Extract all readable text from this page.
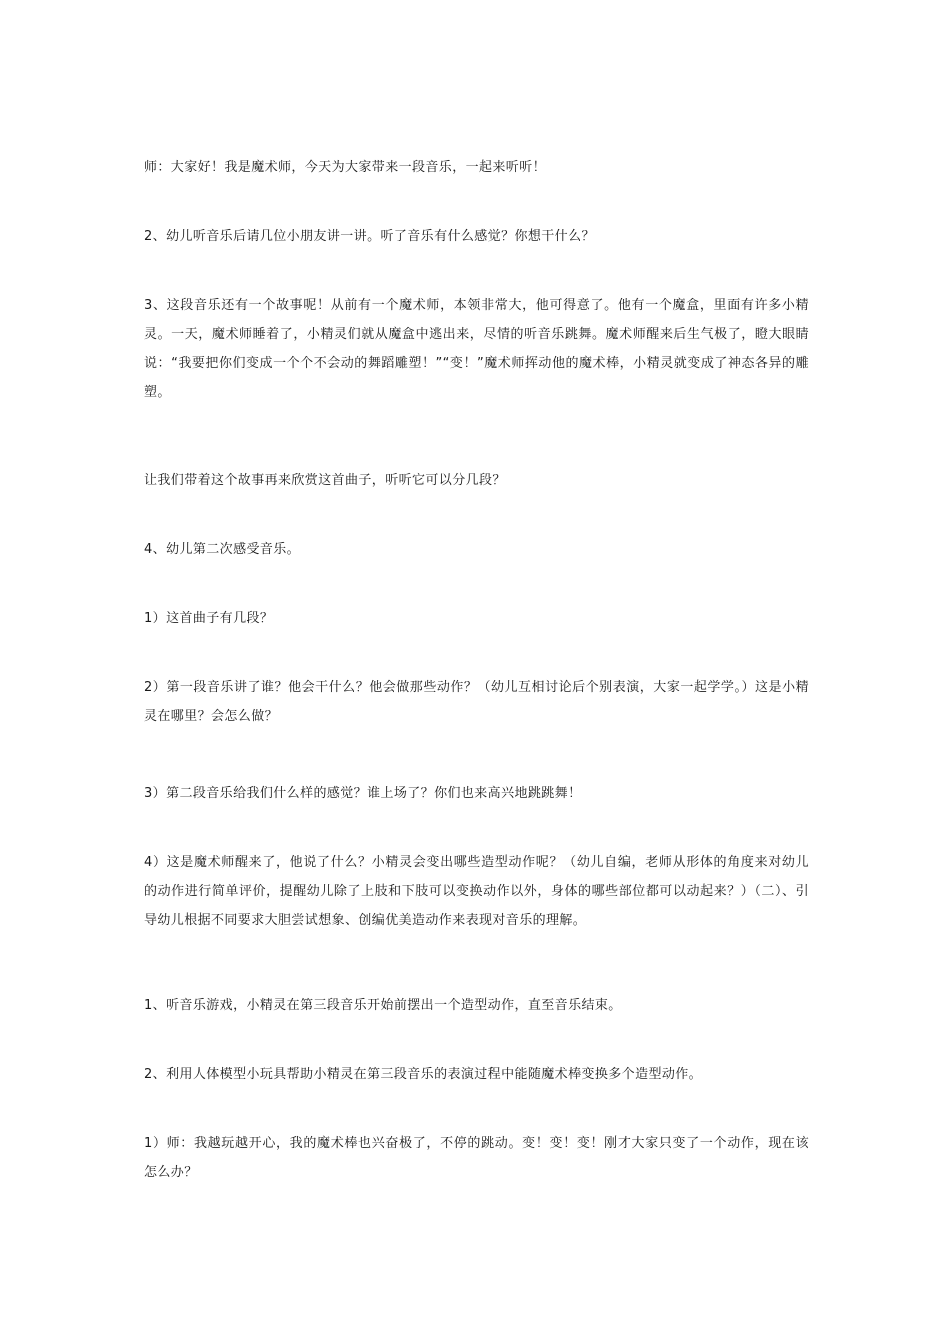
师：大家好！我是魔术师，今天为大家带来一段音乐，一起来听听！

2、幼儿听音乐后请几位小朋友讲一讲。听了音乐有什么感觉？你想干什么？

3、这段音乐还有一个故事呢！从前有一个魔术师，本领非常大，他可得意了。他有一个魔盒，里面有许多小精灵。一天，魔术师睡着了，小精灵们就从魔盒中逃出来，尽情的听音乐跳舞。魔术师醒来后生气极了，瞪大眼睛说：“我要把你们变成一个个不会动的舞蹈雕塑！”“变！”魔术师挥动他的魔术棒，小精灵就变成了神态各异的雕塑。

让我们带着这个故事再来欣赏这首曲子，听听它可以分几段？

4、幼儿第二次感受音乐。

1）这首曲子有几段？

2）第一段音乐讲了谁？他会干什么？他会做那些动作？（幼儿互相讨论后个别表演，大家一起学学。）这是小精灵在哪里？会怎么做？

3）第二段音乐给我们什么样的感觉？谁上场了？你们也来高兴地跳跳舞！

4）这是魔术师醒来了，他说了什么？小精灵会变出哪些造型动作呢？（幼儿自编，老师从形体的角度来对幼儿的动作进行简单评价，提醒幼儿除了上肢和下肢可以变换动作以外，身体的哪些部位都可以动起来？）（二）、引导幼儿根据不同要求大胆尝试想象、创编优美造动作来表现对音乐的理解。

1、听音乐游戏，小精灵在第三段音乐开始前摆出一个造型动作，直至音乐结束。

2、利用人体模型小玩具帮助小精灵在第三段音乐的表演过程中能随魔术棒变换多个造型动作。

1）师：我越玩越开心，我的魔术棒也兴奋极了，不停的跳动。变！变！变！刚才大家只变了一个动作，现在该怎么办？
